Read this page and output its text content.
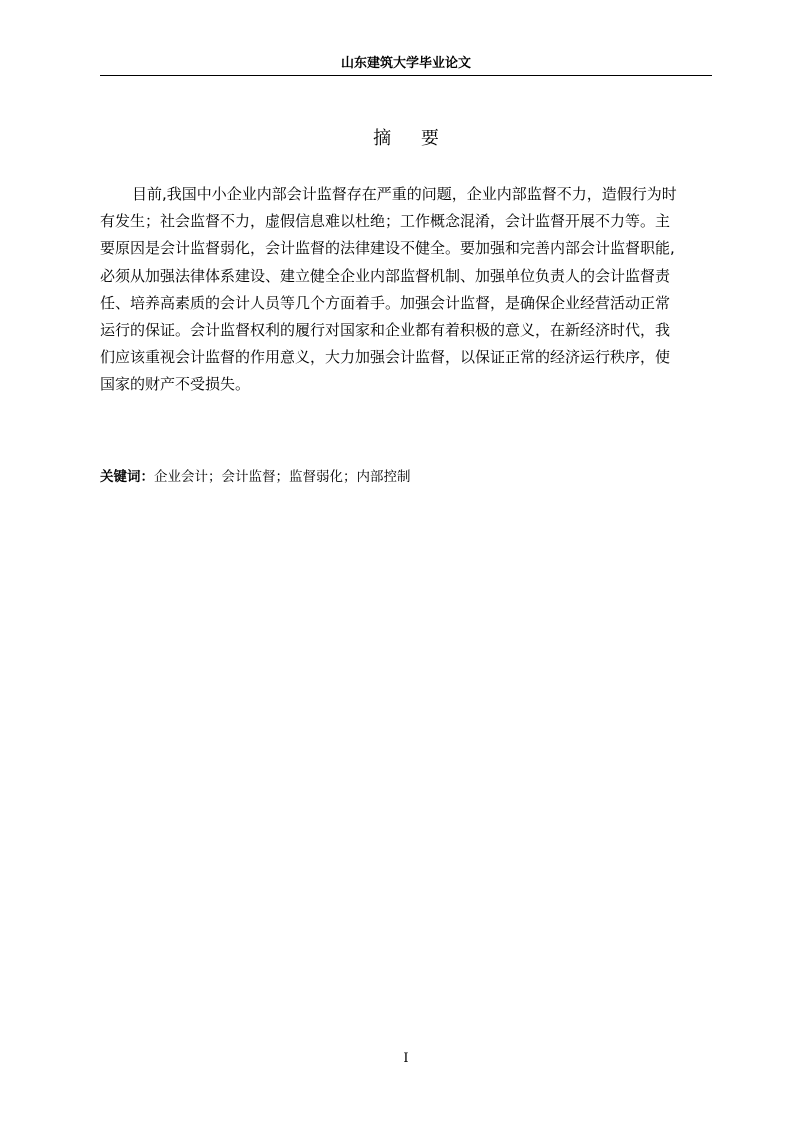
山东建筑大学毕业论文
摘 要
目前,我国中小企业内部会计监督存在严重的问题，企业内部监督不力，造假行为时
有发生；社会监督不力，虚假信息难以杜绝；工作概念混淆，会计监督开展不力等。主
要原因是会计监督弱化，会计监督的法律建设不健全。要加强和完善内部会计监督职能,
必须从加强法律体系建设、建立健全企业内部监督机制、加强单位负责人的会计监督责
任、培养高素质的会计人员等几个方面着手。加强会计监督，是确保企业经营活动正常
运行的保证。会计监督权利的履行对国家和企业都有着积极的意义，在新经济时代，我
们应该重视会计监督的作用意义，大力加强会计监督，以保证正常的经济运行秩序，使
国家的财产不受损失。
关键词：企业会计；会计监督；监督弱化；内部控制
I
